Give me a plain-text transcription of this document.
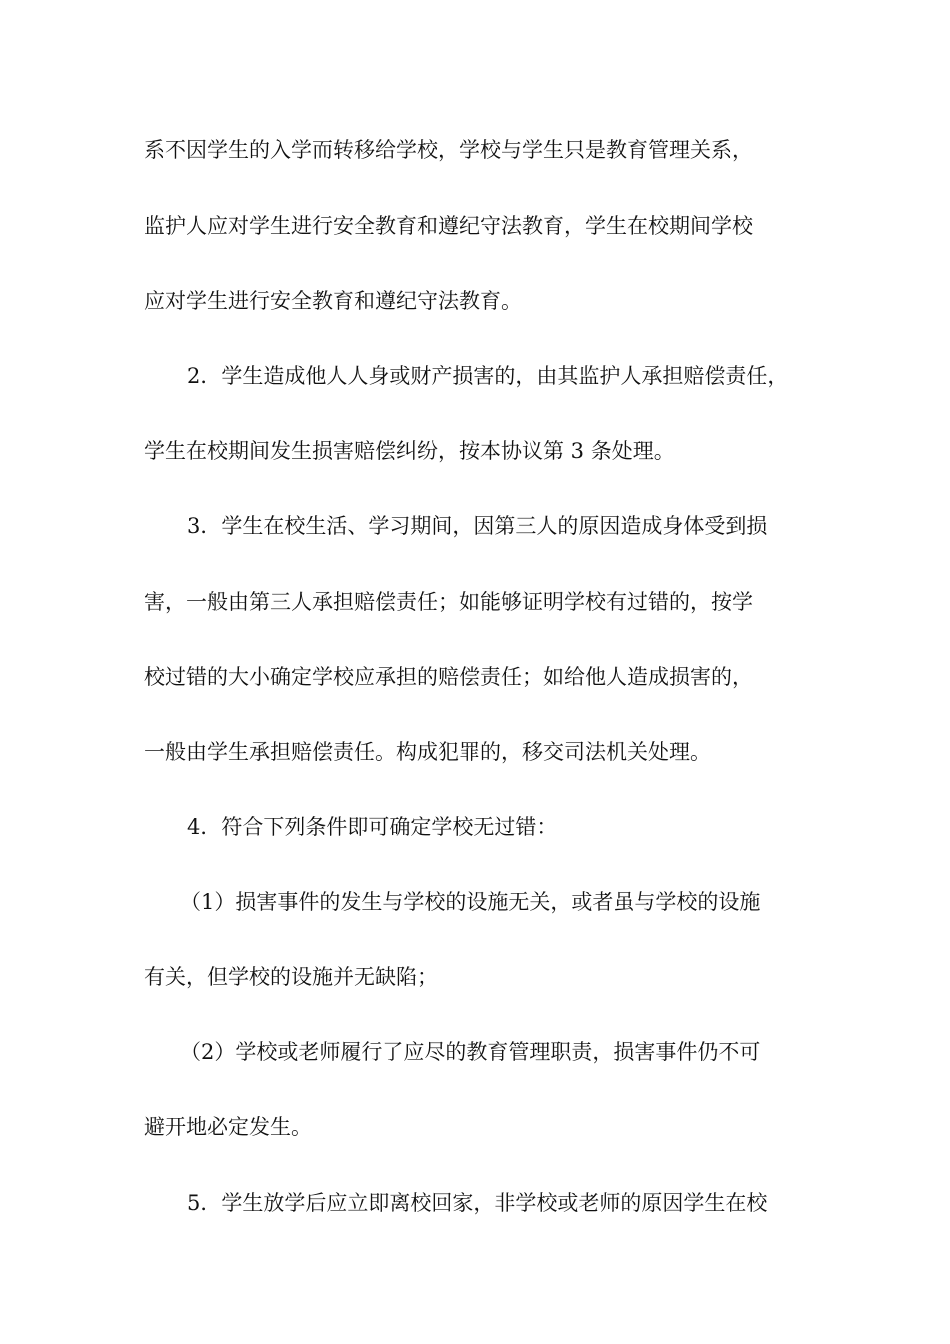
系不因学生的入学而转移给学校，学校与学生只是教育管理关系，
监护人应对学生进行安全教育和遵纪守法教育，学生在校期间学校
应对学生进行安全教育和遵纪守法教育。
2．学生造成他人人身或财产损害的，由其监护人承担赔偿责任，
学生在校期间发生损害赔偿纠纷，按本协议第 3 条处理。
3．学生在校生活、学习期间，因第三人的原因造成身体受到损
害，一般由第三人承担赔偿责任；如能够证明学校有过错的，按学
校过错的大小确定学校应承担的赔偿责任；如给他人造成损害的，
一般由学生承担赔偿责任。构成犯罪的，移交司法机关处理。
4．符合下列条件即可确定学校无过错：
（1）损害事件的发生与学校的设施无关，或者虽与学校的设施
有关，但学校的设施并无缺陷；
（2）学校或老师履行了应尽的教育管理职责，损害事件仍不可
避开地必定发生。
5．学生放学后应立即离校回家，非学校或老师的原因学生在校
